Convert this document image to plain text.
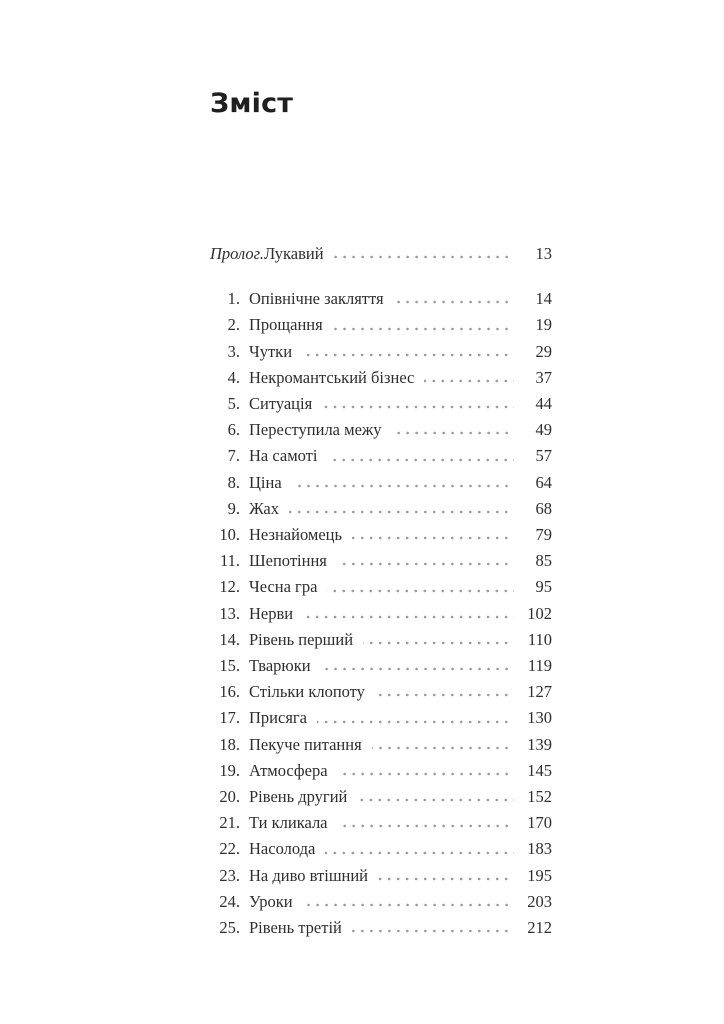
Зміст
Пролог. Лукавий	13
1. Опівнічне закляття	14
2. Прощання	19
3. Чутки	29
4. Некромантський бізнес	37
5. Ситуація	44
6. Переступила межу	49
7. На самоті	57
8. Ціна	64
9. Жах	68
10. Незнайомець	79
11. Шепотіння	85
12. Чесна гра	95
13. Нерви	102
14. Рівень перший	110
15. Тварюки	119
16. Стільки клопоту	127
17. Присяга	130
18. Пекуче питання	139
19. Атмосфера	145
20. Рівень другий	152
21. Ти кликала	170
22. Насолода	183
23. На диво втішний	195
24. Уроки	203
25. Рівень третій	212
